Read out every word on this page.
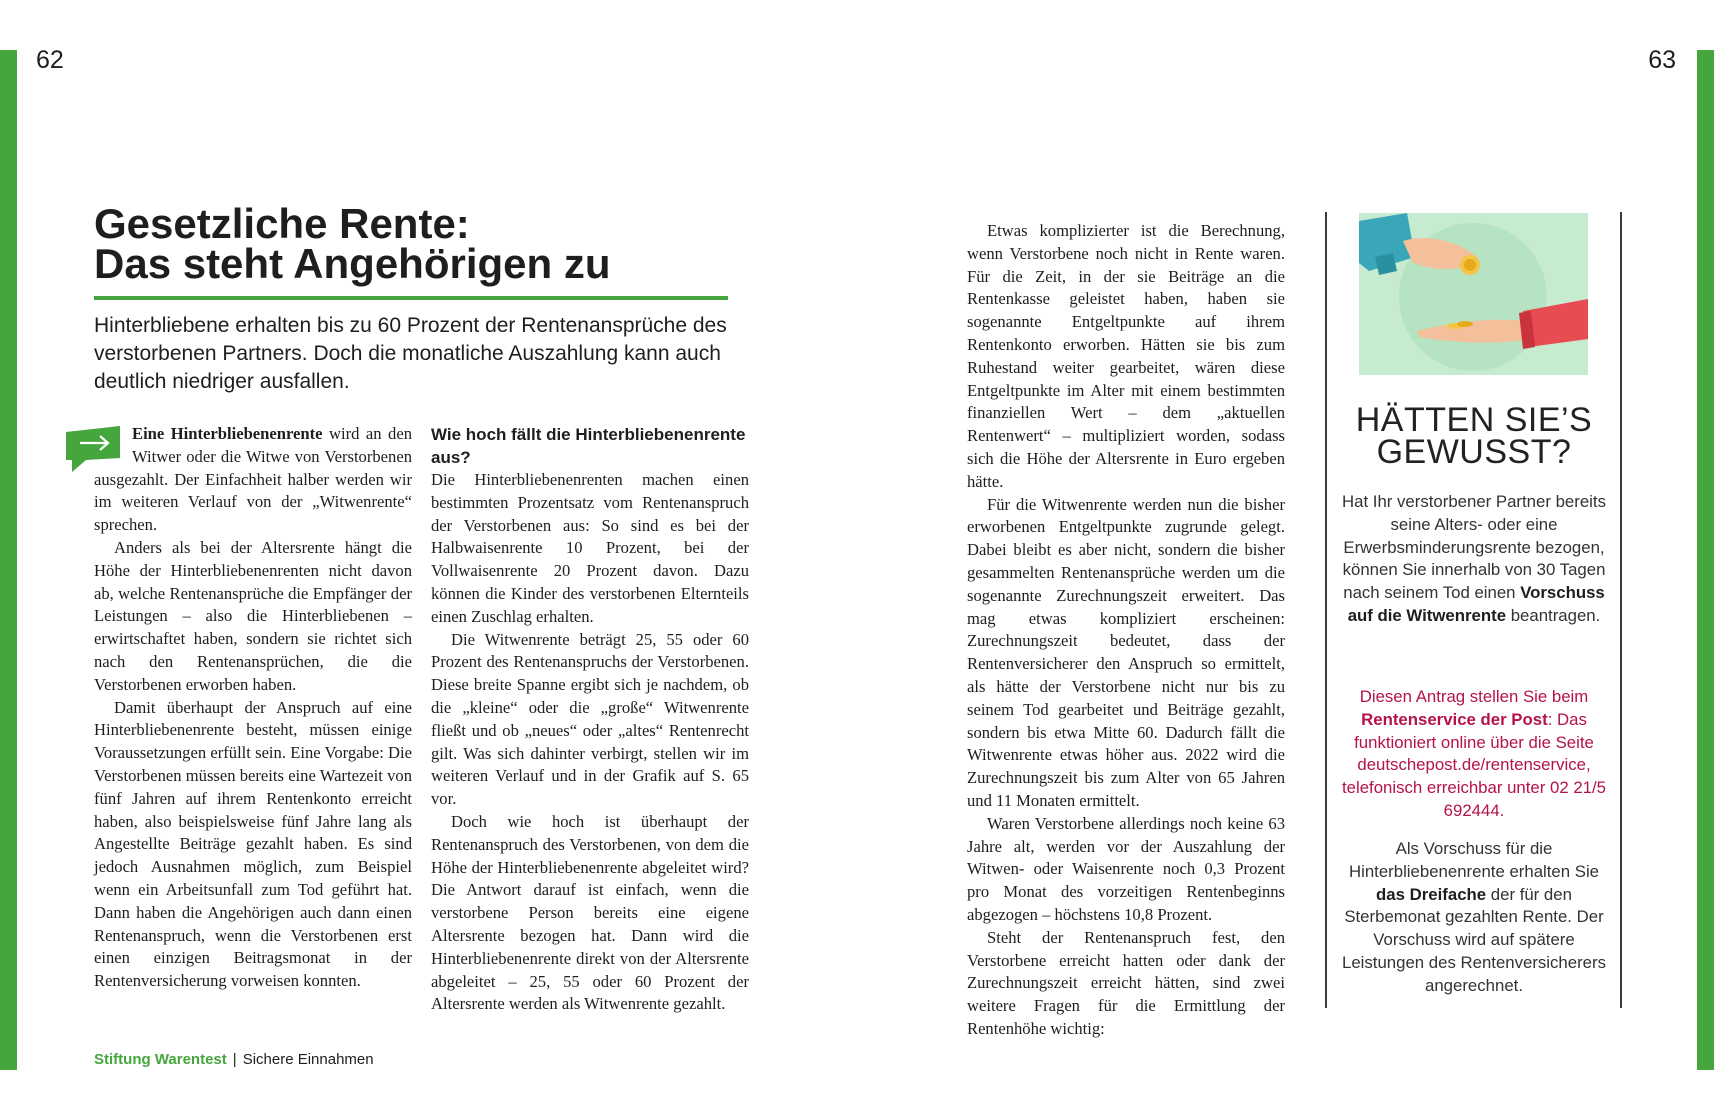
62	63
Gesetzliche Rente:
Das steht Angehörigen zu

Hinterbliebene erhalten bis zu 60 Prozent der Rentenansprüche des verstorbenen Partners. Doch die monatliche Auszahlung kann auch deutlich niedriger ausfallen.

Eine Hinterbliebenenrente wird an den Witwer oder die Witwe von Verstorbenen ausgezahlt. Der Einfachheit halber werden wir im weiteren Verlauf von der „Witwenrente“ sprechen.

Anders als bei der Altersrente hängt die Höhe der Hinterbliebenenrenten nicht davon ab, welche Rentenansprüche die Empfänger der Leistungen – also die Hinterbliebenen – erwirtschaftet haben, sondern sie richtet sich nach den Rentenansprüchen, die die Verstorbenen erworben haben.

Damit überhaupt der Anspruch auf eine Hinterbliebenenrente besteht, müssen einige Voraussetzungen erfüllt sein. Eine Vorgabe: Die Verstorbenen müssen bereits eine Wartezeit von fünf Jahren auf ihrem Rentenkonto erreicht haben, also beispielsweise fünf Jahre lang als Angestellte Beiträge gezahlt haben. Es sind jedoch Ausnahmen möglich, zum Beispiel wenn ein Arbeitsunfall zum Tod geführt hat. Dann haben die Angehörigen auch dann einen Rentenanspruch, wenn die Verstorbenen erst einen einzigen Beitragsmonat in der Rentenversicherung vorweisen konnten.

Wie hoch fällt die Hinterbliebenenrente aus?

Die Hinterbliebenenrenten machen einen bestimmten Prozentsatz vom Rentenanspruch der Verstorbenen aus: So sind es bei der Halbwaisenrente 10 Prozent, bei der Vollwaisenrente 20 Prozent davon. Dazu können die Kinder des verstorbenen Elternteils einen Zuschlag erhalten.

Die Witwenrente beträgt 25, 55 oder 60 Prozent des Rentenanspruchs der Verstorbenen. Diese breite Spanne ergibt sich je nachdem, ob die „kleine“ oder die „große“ Witwenrente fließt und ob „neues“ oder „altes“ Rentenrecht gilt. Was sich dahinter verbirgt, stellen wir im weiteren Verlauf und in der Grafik auf S. 65 vor.

Doch wie hoch ist überhaupt der Rentenanspruch des Verstorbenen, von dem die Höhe der Hinterbliebenenrente abgeleitet wird? Die Antwort darauf ist einfach, wenn die verstorbene Person bereits eine eigene Altersrente bezogen hat. Dann wird die Hinterbliebenenrente direkt von der Altersrente abgeleitet – 25, 55 oder 60 Prozent der Altersrente werden als Witwenrente gezahlt.

Etwas komplizierter ist die Berechnung, wenn Verstorbene noch nicht in Rente waren. Für die Zeit, in der sie Beiträge an die Rentenkasse geleistet haben, haben sie sogenannte Entgeltpunkte auf ihrem Rentenkonto erworben. Hätten sie bis zum Ruhestand weiter gearbeitet, wären diese Entgeltpunkte im Alter mit einem bestimmten finanziellen Wert – dem „aktuellen Rentenwert“ – multipliziert worden, sodass sich die Höhe der Altersrente in Euro ergeben hätte.

Für die Witwenrente werden nun die bisher erworbenen Entgeltpunkte zugrunde gelegt. Dabei bleibt es aber nicht, sondern die bisher gesammelten Rentenansprüche werden um die sogenannte Zurechnungszeit erweitert. Das mag etwas kompliziert erscheinen: Zurechnungszeit bedeutet, dass der Rentenversicherer den Anspruch so ermittelt, als hätte der Verstorbene nicht nur bis zu seinem Tod gearbeitet und Beiträge gezahlt, sondern bis etwa Mitte 60. Dadurch fällt die Witwenrente etwas höher aus. 2022 wird die Zurechnungszeit bis zum Alter von 65 Jahren und 11 Monaten ermittelt.

Waren Verstorbene allerdings noch keine 63 Jahre alt, werden vor der Auszahlung der Witwen- oder Waisenrente noch 0,3 Prozent pro Monat des vorzeitigen Rentenbeginns abgezogen – höchstens 10,8 Prozent.

Steht der Rentenanspruch fest, den Verstorbene erreicht hatten oder dank der Zurechnungszeit erreicht hätten, sind zwei weitere Fragen für die Ermittlung der Rentenhöhe wichtig:

HÄTTEN SIE’S
GEWUSST?

Hat Ihr verstorbener Partner bereits seine Alters- oder eine Erwerbsminderungsrente bezogen, können Sie innerhalb von 30 Tagen nach seinem Tod einen Vorschuss auf die Witwenrente beantragen.

Diesen Antrag stellen Sie beim Rentenservice der Post: Das funktioniert online über die Seite deutschepost.de/rentenservice, telefonisch erreichbar unter 02 21/5 692444.

Als Vorschuss für die Hinterbliebenenrente erhalten Sie das Dreifache der für den Sterbemonat gezahlten Rente. Der Vorschuss wird auf spätere Leistungen des Rentenversicherers angerechnet.

Stiftung Warentest | Sichere Einnahmen
